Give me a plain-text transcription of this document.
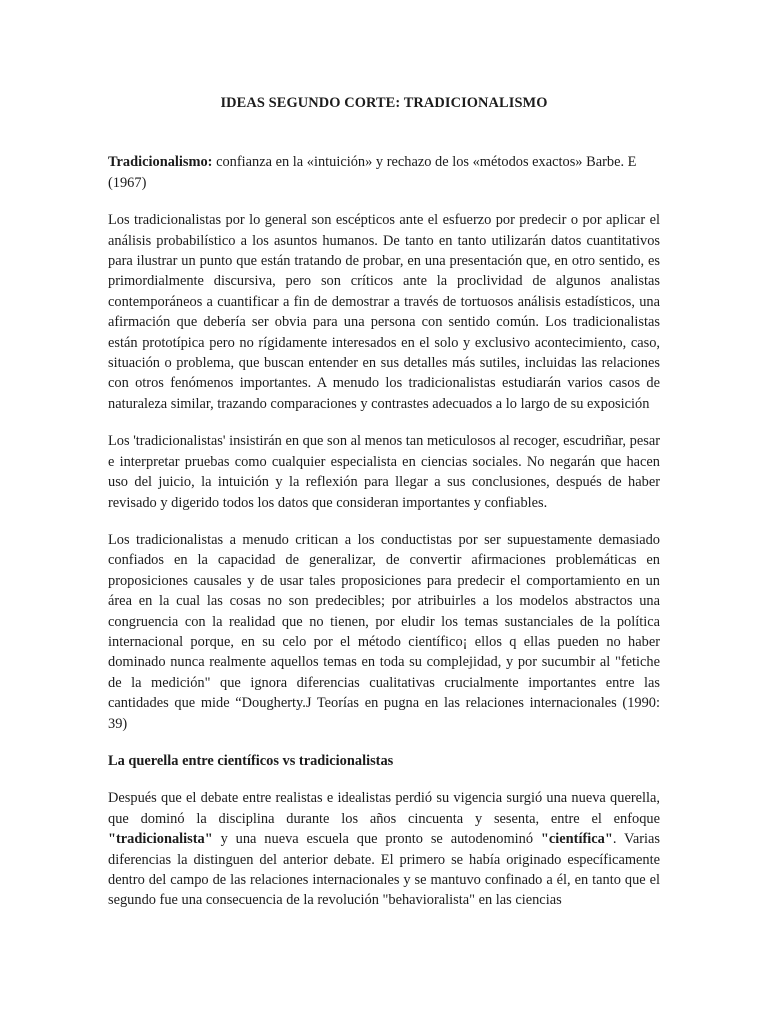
IDEAS SEGUNDO CORTE: TRADICIONALISMO

Tradicionalismo: confianza en la «intuición» y rechazo de los «métodos exactos» Barbe. E (1967)

Los tradicionalistas por lo general son escépticos ante el esfuerzo por predecir o por aplicar el análisis probabilístico a los asuntos humanos. De tanto en tanto utilizarán datos cuantitativos para ilustrar un punto que están tratando de probar, en una presentación que, en otro sentido, es primordialmente discursiva, pero son críticos ante la proclividad de algunos analistas contemporáneos a cuantificar a fin de demostrar a través de tortuosos análisis estadísticos, una afirmación que debería ser obvia para una persona con sentido común. Los tradicionalistas están prototípica pero no rígidamente interesados en el solo y exclusivo acontecimiento, caso, situación o problema, que buscan entender en sus detalles más sutiles, incluidas las relaciones con otros fenómenos importantes. A menudo los tradicionalistas estudiarán varios casos de naturaleza similar, trazando comparaciones y contrastes adecuados a lo largo de su exposición

Los 'tradicionalistas' insistirán en que son al menos tan meticulosos al recoger, escudriñar, pesar e interpretar pruebas como cualquier especialista en ciencias sociales. No negarán que hacen uso del juicio, la intuición y la reflexión para llegar a sus conclusiones, después de haber revisado y digerido todos los datos que consideran importantes y confiables.

Los tradicionalistas a menudo critican a los conductistas por ser supuestamente demasiado confiados en la capacidad de generalizar, de convertir afirmaciones problemáticas en proposiciones causales y de usar tales proposiciones para predecir el comportamiento en un área en la cual las cosas no son predecibles; por atribuirles a los modelos abstractos una congruencia con la realidad que no tienen, por eludir los temas sustanciales de la política internacional porque, en su celo por el método científico¡ ellos q ellas pueden no haber dominado nunca realmente aquellos temas en toda su complejidad, y por sucumbir al "fetiche de la medición" que ignora diferencias cualitativas crucialmente importantes entre las cantidades que mide “Dougherty.J Teorías en pugna en las relaciones internacionales (1990: 39)

La querella entre científicos vs tradicionalistas

Después que el debate entre realistas e idealistas perdió su vigencia surgió una nueva querella, que dominó la disciplina durante los años cincuenta y sesenta, entre el enfoque "tradicionalista" y una nueva escuela que pronto se autodenominó "científica". Varias diferencias la distinguen del anterior debate. El primero se había originado específicamente dentro del campo de las relaciones internacionales y se mantuvo confinado a él, en tanto que el segundo fue una consecuencia de la revolución "behavioralista" en las ciencias
